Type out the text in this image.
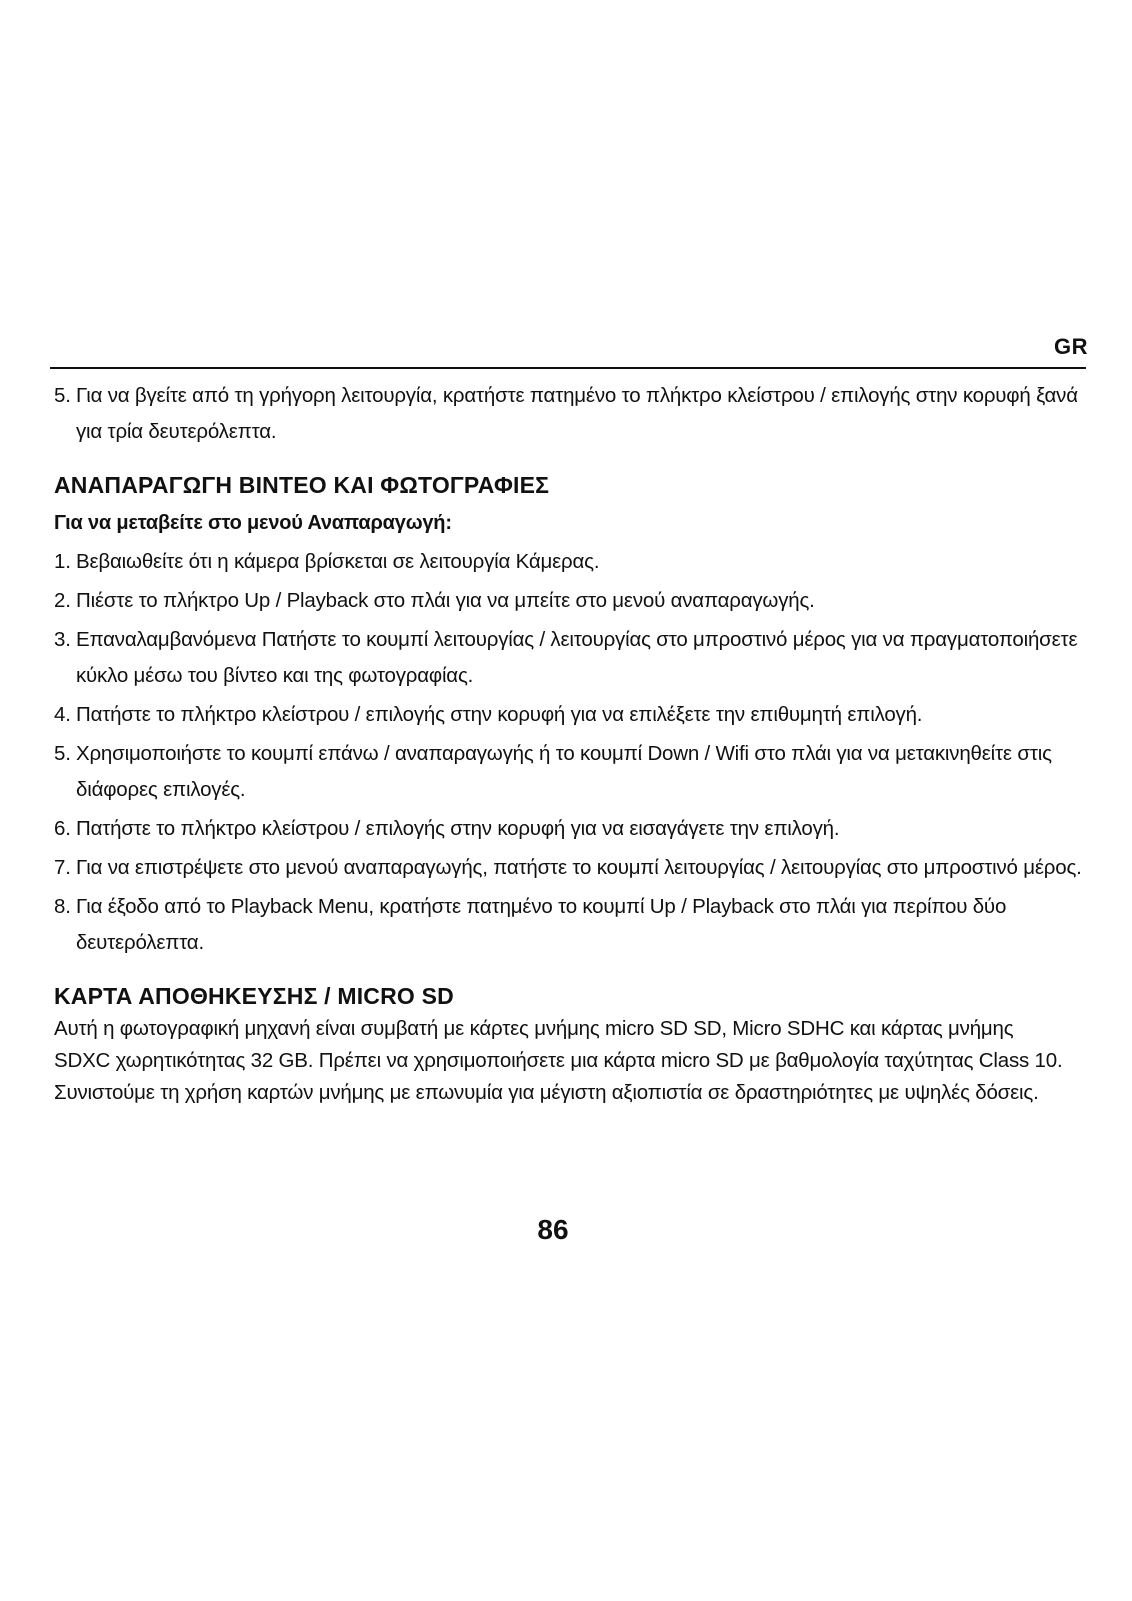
GR
5. Για να βγείτε από τη γρήγορη λειτουργία, κρατήστε πατημένο το πλήκτρο κλείστρου / επιλογής στην κορυφή ξανά για τρία δευτερόλεπτα.
ΑΝΑΠΑΡΑΓΩΓΗ ΒΙΝΤΕΟ ΚΑΙ ΦΩΤΟΓΡΑΦΙΕΣ
Για να μεταβείτε στο μενού Αναπαραγωγή:
1. Βεβαιωθείτε ότι η κάμερα βρίσκεται σε λειτουργία Κάμερας.
2. Πιέστε το πλήκτρο Up / Playback στο πλάι για να μπείτε στο μενού αναπαραγωγής.
3. Επαναλαμβανόμενα Πατήστε το κουμπί λειτουργίας / λειτουργίας στο μπροστινό μέρος για να πραγματοποιήσετε κύκλο μέσω του βίντεο και της φωτογραφίας.
4. Πατήστε το πλήκτρο κλείστρου / επιλογής στην κορυφή για να επιλέξετε την επιθυμητή επιλογή.
5. Χρησιμοποιήστε το κουμπί επάνω / αναπαραγωγής ή το κουμπί Down / Wifi στο πλάι για να μετακινηθείτε στις διάφορες επιλογές.
6. Πατήστε το πλήκτρο κλείστρου / επιλογής στην κορυφή για να εισαγάγετε την επιλογή.
7. Για να επιστρέψετε στο μενού αναπαραγωγής, πατήστε το κουμπί λειτουργίας / λειτουργίας στο μπροστινό μέρος.
8. Για έξοδο από το Playback Menu, κρατήστε πατημένο το κουμπί Up / Playback στο πλάι για περίπου δύο δευτερόλεπτα.
ΚΑΡΤΑ ΑΠΟΘΗΚΕΥΣΗΣ / MICRO SD

Αυτή η φωτογραφική μηχανή είναι συμβατή με κάρτες μνήμης micro SD SD, Micro SDHC και κάρτας μνήμης SDXC χωρητικότητας 32 GB. Πρέπει να χρησιμοποιήσετε μια κάρτα micro SD με βαθμολογία ταχύτητας Class 10. Συνιστούμε τη χρήση καρτών μνήμης με επωνυμία για μέγιστη αξιοπιστία σε δραστηριότητες με υψηλές δόσεις.

86
